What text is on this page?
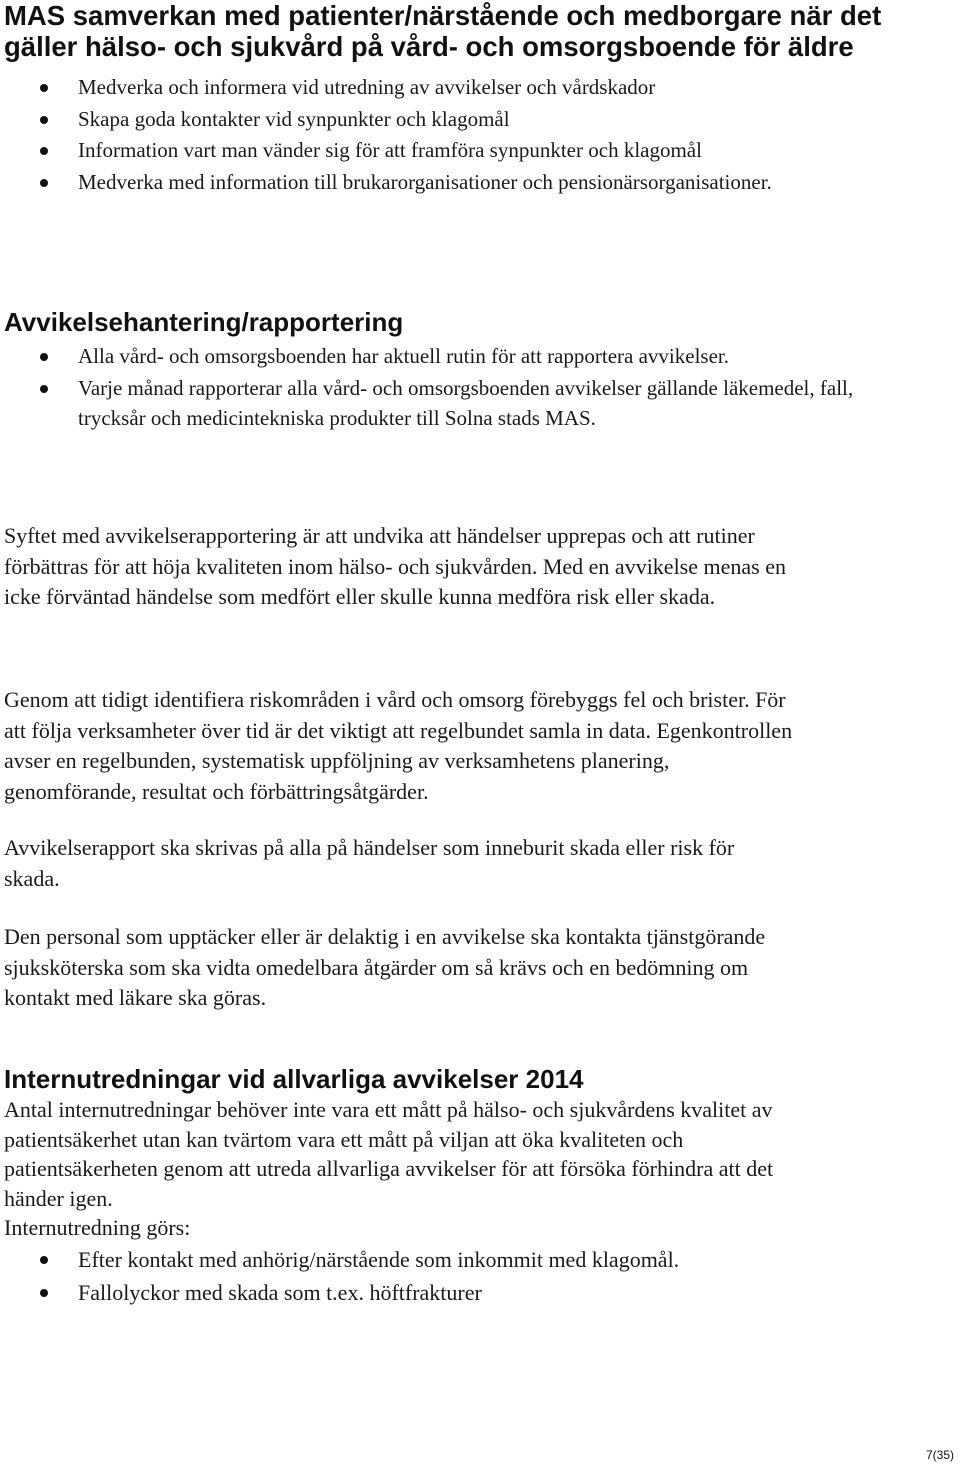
MAS samverkan med patienter/närstående och medborgare när det gäller hälso- och sjukvård på vård- och omsorgsboende för äldre
Medverka och informera vid utredning av avvikelser och vårdskador
Skapa goda kontakter vid synpunkter och klagomål
Information vart man vänder sig för att framföra synpunkter och klagomål
Medverka med information till brukarorganisationer och pensionärsorganisationer.
Avvikelsehantering/rapportering
Alla vård- och omsorgsboenden har aktuell rutin för att rapportera avvikelser.
Varje månad rapporterar alla vård- och omsorgsboenden avvikelser gällande läkemedel, fall, trycksår och medicintekniska produkter till Solna stads MAS.

Syftet med avvikelserapportering är att undvika att händelser upprepas och att rutiner förbättras för att höja kvaliteten inom hälso- och sjukvården. Med en avvikelse menas en icke förväntad händelse som medfört eller skulle kunna medföra risk eller skada.

Genom att tidigt identifiera riskområden i vård och omsorg förebyggs fel och brister. För att följa verksamheter över tid är det viktigt att regelbundet samla in data. Egenkontrollen avser en regelbunden, systematisk uppföljning av verksamhetens planering, genomförande, resultat och förbättringsåtgärder.

Avvikelserapport ska skrivas på alla på händelser som inneburit skada eller risk för skada.

Den personal som upptäcker eller är delaktig i en avvikelse ska kontakta tjänstgörande sjuksköterska som ska vidta omedelbara åtgärder om så krävs och en bedömning om kontakt med läkare ska göras.

Internutredningar vid allvarliga avvikelser 2014

Antal internutredningar behöver inte vara ett mått på hälso- och sjukvårdens kvalitet av patientsäkerhet utan kan tvärtom vara ett mått på viljan att öka kvaliteten och patientsäkerheten genom att utreda allvarliga avvikelser för att försöka förhindra att det händer igen.

Internutredning görs:

Efter kontakt med anhörig/närstående som inkommit med klagomål.
Fallolyckor med skada som t.ex. höftfrakturer
7(35)
